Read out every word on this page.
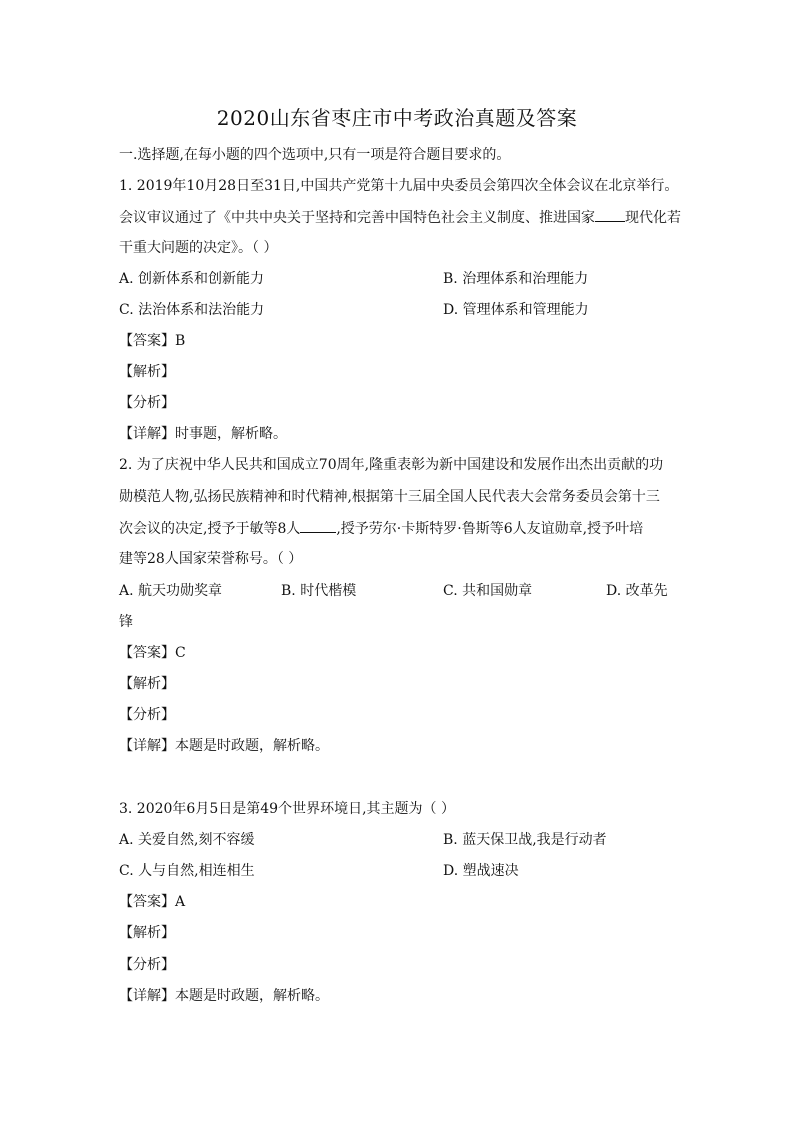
2020山东省枣庄市中考政治真题及答案
一.选择题,在每小题的四个选项中,只有一项是符合题目要求的。
1. 2019年10月28日至31日,中国共产党第十九届中央委员会第四次全体会议在北京举行。
会议审议通过了《中共中央关于坚持和完善中国特色社会主义制度、推进国家 现代化若
干重大问题的决定》。（ ）
A. 创新体系和创新能力	B. 治理体系和治理能力
C. 法治体系和法治能力	D. 管理体系和管理能力
【答案】B
【解析】
【分析】
【详解】时事题，解析略。
2. 为了庆祝中华人民共和国成立70周年,隆重表彰为新中国建设和发展作出杰出贡献的功
勋模范人物,弘扬民族精神和时代精神,根据第十三届全国人民代表大会常务委员会第十三
次会议的决定,授予于敏等8人	,授予劳尔·卡斯特罗·鲁斯等6人友谊勋章,授予叶培
建等28人国家荣誉称号。（ ）
A. 航天功勋奖章	B. 时代楷模	C. 共和国勋章	D. 改革先
锋
【答案】C
【解析】
【分析】
【详解】本题是时政题，解析略。
3. 2020年6月5日是第49个世界环境日,其主题为（ ）
A. 关爱自然,刻不容缓	B. 蓝天保卫战,我是行动者
C. 人与自然,相连相生	D. 塑战速决
【答案】A
【解析】
【分析】
【详解】本题是时政题，解析略。
